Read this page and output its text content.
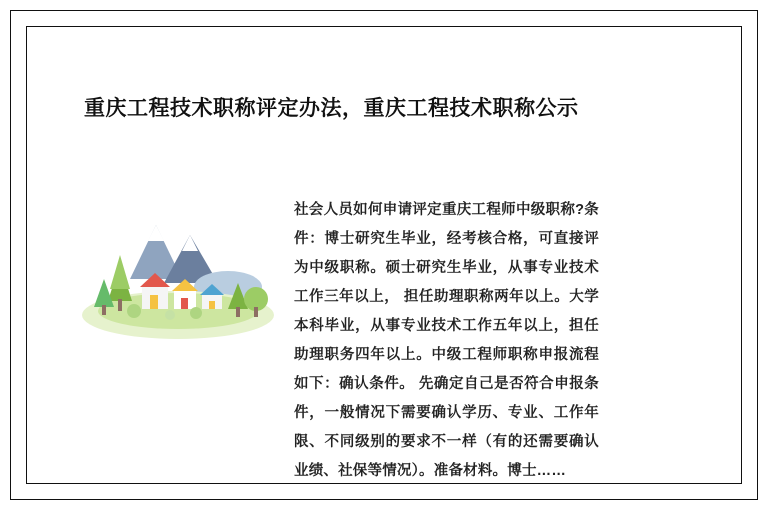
重庆工程技术职称评定办法，重庆工程技术职称公示
社会人员如何申请评定重庆工程师中级职称?条件：博士研究生毕业，经考核合格，可直接评为中级职称。硕士研究生毕业，从事专业技术工作三年以上， 担任助理职称两年以上。大学本科毕业，从事专业技术工作五年以上，担任助理职务四年以上。中级工程师职称申报流程如下：确认条件。 先确定自己是否符合申报条件，一般情况下需要确认学历、专业、工作年限、不同级别的要求不一样（有的还需要确认业绩、社保等情况）。准备材料。博士……
